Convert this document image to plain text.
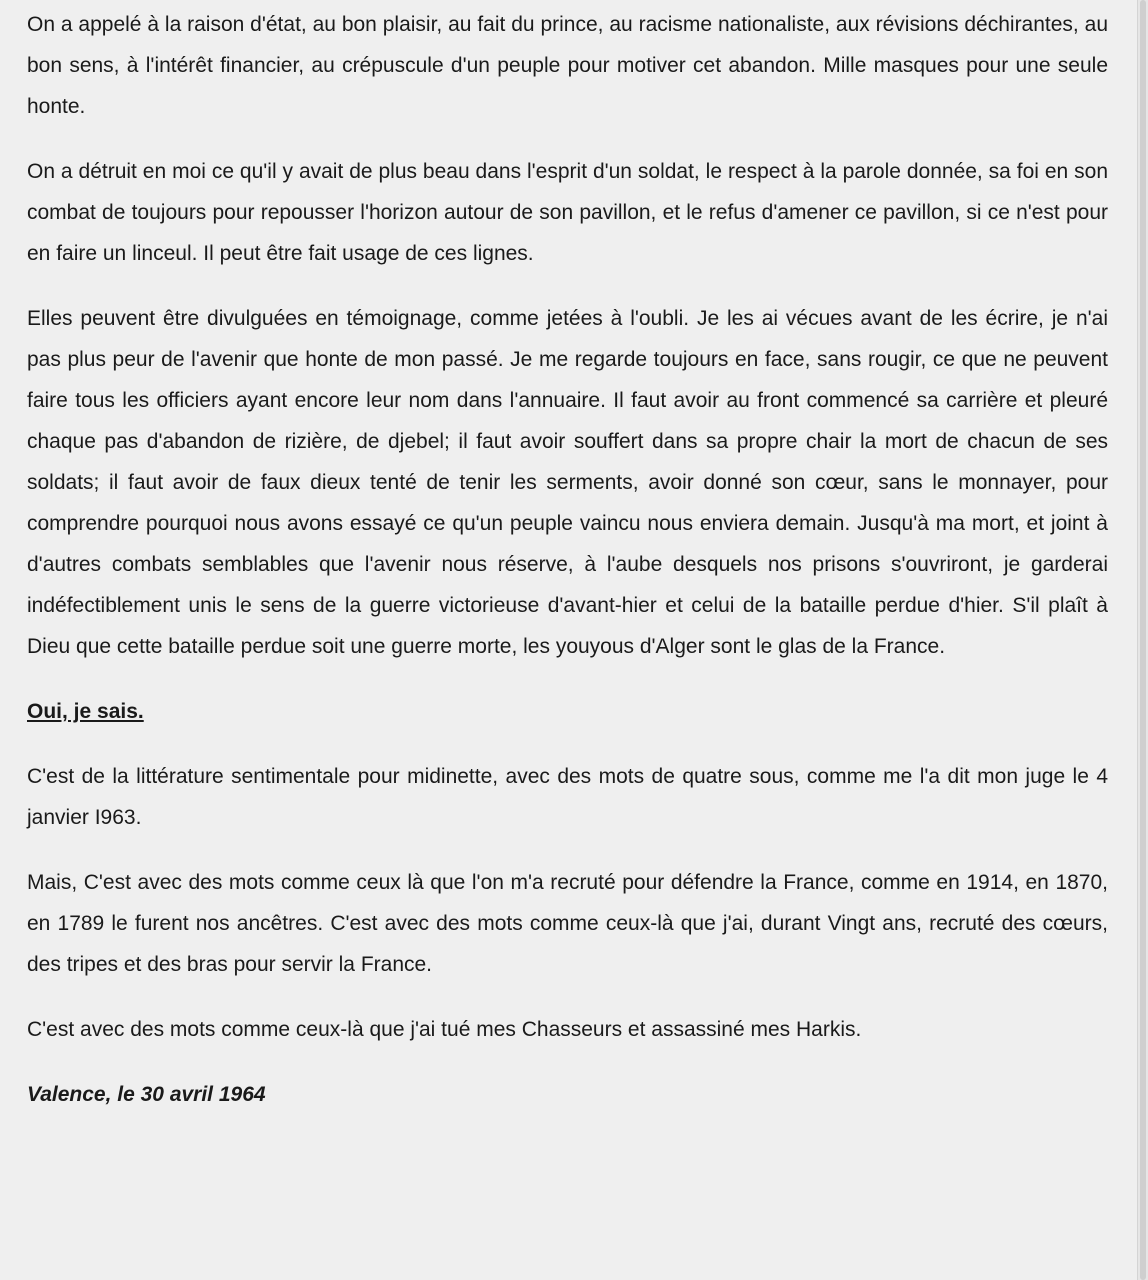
On a appelé à la raison d'état, au bon plaisir, au fait du prince, au racisme nationaliste, aux révisions déchirantes, au bon sens, à l'intérêt financier, au crépuscule d'un peuple pour motiver cet abandon. Mille masques pour une seule honte.

On a détruit en moi ce qu'il y avait de plus beau dans l'esprit d'un soldat, le respect à la parole donnée, sa foi en son combat de toujours pour repousser l'horizon autour de son pavillon, et le refus d'amener ce pavillon, si ce n'est pour en faire un linceul. Il peut être fait usage de ces lignes.

Elles peuvent être divulguées en témoignage, comme jetées à l'oubli. Je les ai vécues avant de les écrire, je n'ai pas plus peur de l'avenir que honte de mon passé. Je me regarde toujours en face, sans rougir, ce que ne peuvent faire tous les officiers ayant encore leur nom dans l'annuaire. Il faut avoir au front commencé sa carrière et pleuré chaque pas d'abandon de rizière, de djebel; il faut avoir souffert dans sa propre chair la mort de chacun de ses soldats; il faut avoir de faux dieux tenté de tenir les serments, avoir donné son cœur, sans le monnayer, pour comprendre pourquoi nous avons essayé ce qu'un peuple vaincu nous enviera demain. Jusqu'à ma mort, et joint à d'autres combats semblables que l'avenir nous réserve, à l'aube desquels nos prisons s'ouvriront, je garderai indéfectiblement unis le sens de la guerre victorieuse d'avant-hier et celui de la bataille perdue d'hier. S'il plaît à Dieu que cette bataille perdue soit une guerre morte, les youyous d'Alger sont le glas de la France.

Oui, je sais.

C'est de la littérature sentimentale pour midinette, avec des mots de quatre sous, comme me l'a dit mon juge le 4 janvier I963.

Mais, C'est avec des mots comme ceux là que l'on m'a recruté pour défendre la France, comme en 1914, en 1870, en 1789 le furent nos ancêtres. C'est avec des mots comme ceux-là que j'ai, durant Vingt ans, recruté des cœurs, des tripes et des bras pour servir la France.

C'est avec des mots comme ceux-là que j'ai tué mes Chasseurs et assassiné mes Harkis.

Valence, le 30 avril 1964
